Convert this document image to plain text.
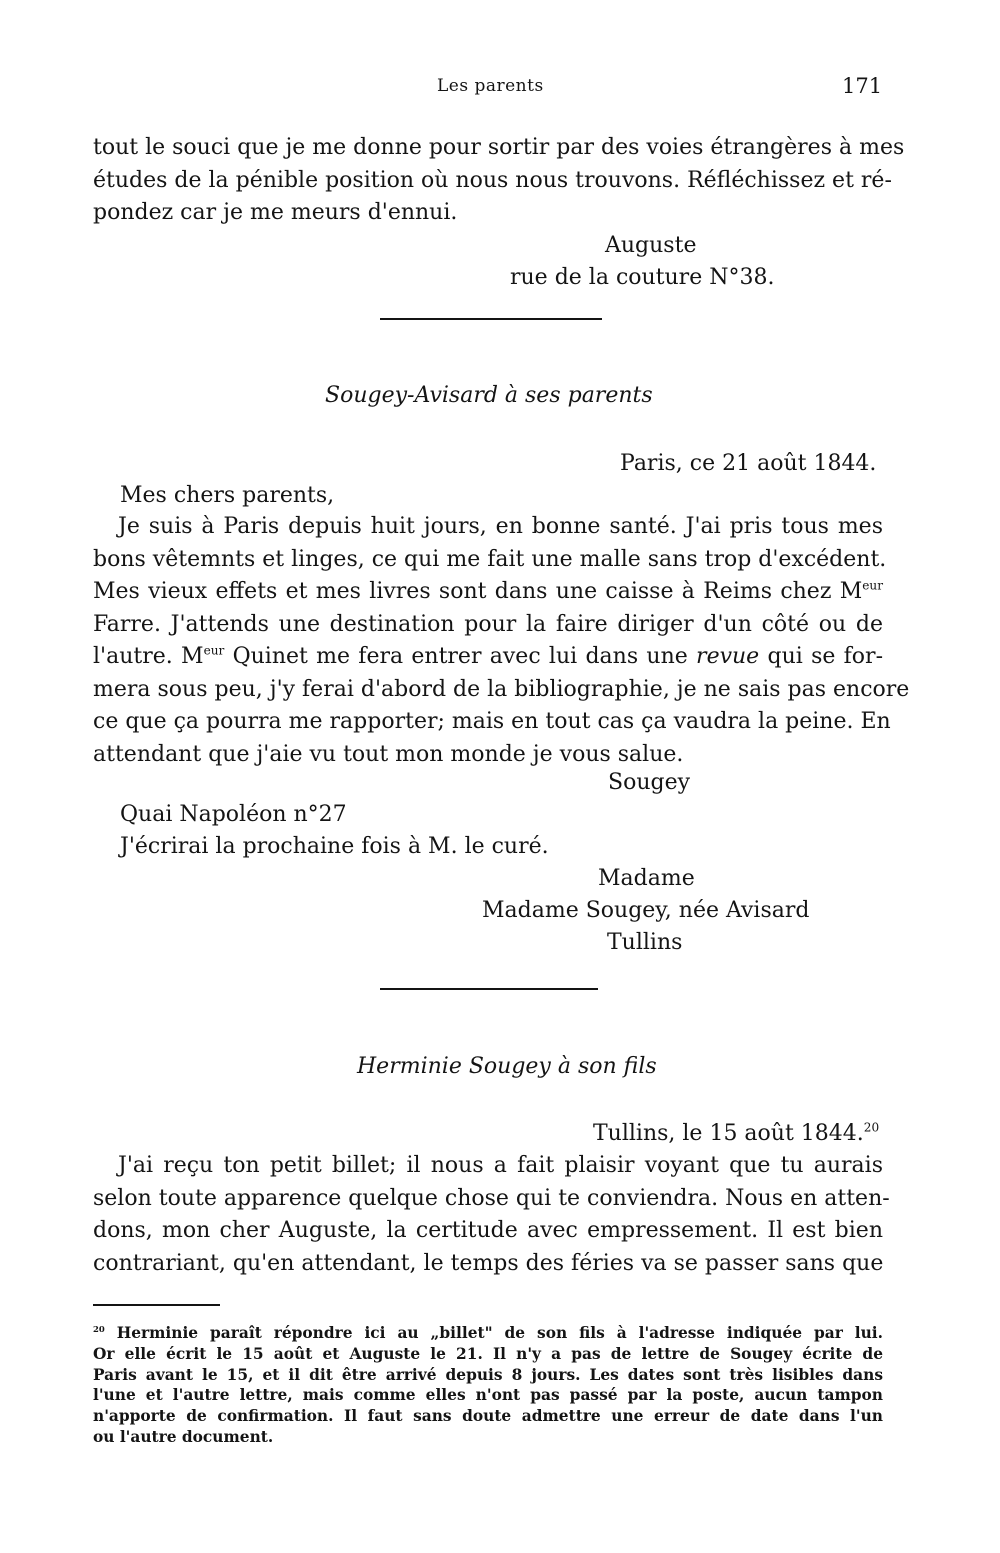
Les parents	171
tout le souci que je me donne pour sortir par des voies étrangères à mes
études de la pénible position où nous nous trouvons. Réfléchissez et ré-
pondez car je me meurs d'ennui.
Auguste
rue de la couture N°38.
Sougey-Avisard à ses parents
Paris, ce 21 août 1844.
Mes chers parents,
Je suis à Paris depuis huit jours, en bonne santé. J'ai pris tous mes
bons vêtemnts et linges, ce qui me fait une malle sans trop d'excédent.
Mes vieux effets et mes livres sont dans une caisse à Reims chez $M^{eur}$
Farre. J'attends une destination pour la faire diriger d'un côté ou de
l'autre. $M^{eur}$ Quinet me fera entrer avec lui dans une revue qui se for-
mera sous peu, j'y ferai d'abord de la bibliographie, je ne sais pas encore
ce que ça pourra me rapporter; mais en tout cas ça vaudra la peine. En
attendant que j'aie vu tout mon monde je vous salue.
Sougey
Quai Napoléon n°27
J'écrirai la prochaine fois à M. le curé.
Madame
Madame Sougey, née Avisard
Tullins
Herminie Sougey à son fils
Tullins, le 15 août 1844.20
J'ai reçu ton petit billet; il nous a fait plaisir voyant que tu aurais
selon toute apparence quelque chose qui te conviendra. Nous en atten-
dons, mon cher Auguste, la certitude avec empressement. Il est bien
contrariant, qu'en attendant, le temps des féries va se passer sans que
$^{20}$ Herminie paraît répondre ici au „billet" de son fils à l'adresse indiquée par lui.
Or elle écrit le 15 août et Auguste le 21. Il n'y a pas de lettre de Sougey écrite de
Paris avant le 15, et il dit être arrivé depuis 8 jours. Les dates sont très lisibles dans
l'une et l'autre lettre, mais comme elles n'ont pas passé par la poste, aucun tampon
n'apporte de confirmation. Il faut sans doute admettre une erreur de date dans l'un
ou l'autre document.
